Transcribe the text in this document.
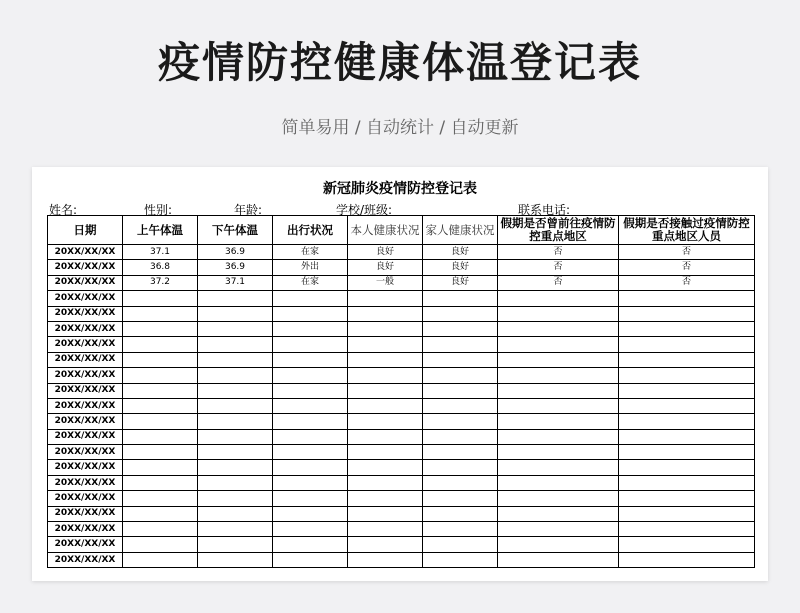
疫情防控健康体温登记表
简单易用 / 自动统计 / 自动更新
新冠肺炎疫情防控登记表
姓名:	性别:	年龄:	学校/班级:	联系电话:
日期	上午体温	下午体温	出行状况	本人健康状况	家人健康状况	假期是否曾前往疫情防控重点地区	假期是否接触过疫情防控重点地区人员
20XX/XX/XX	37.1	36.9	在家	良好	良好	否	否
20XX/XX/XX	36.8	36.9	外出	良好	良好	否	否
20XX/XX/XX	37.2	37.1	在家	一般	良好	否	否
20XX/XX/XX							
20XX/XX/XX							
20XX/XX/XX							
20XX/XX/XX							
20XX/XX/XX							
20XX/XX/XX							
20XX/XX/XX							
20XX/XX/XX							
20XX/XX/XX							
20XX/XX/XX							
20XX/XX/XX							
20XX/XX/XX							
20XX/XX/XX							
20XX/XX/XX							
20XX/XX/XX							
20XX/XX/XX							
20XX/XX/XX							
20XX/XX/XX							
